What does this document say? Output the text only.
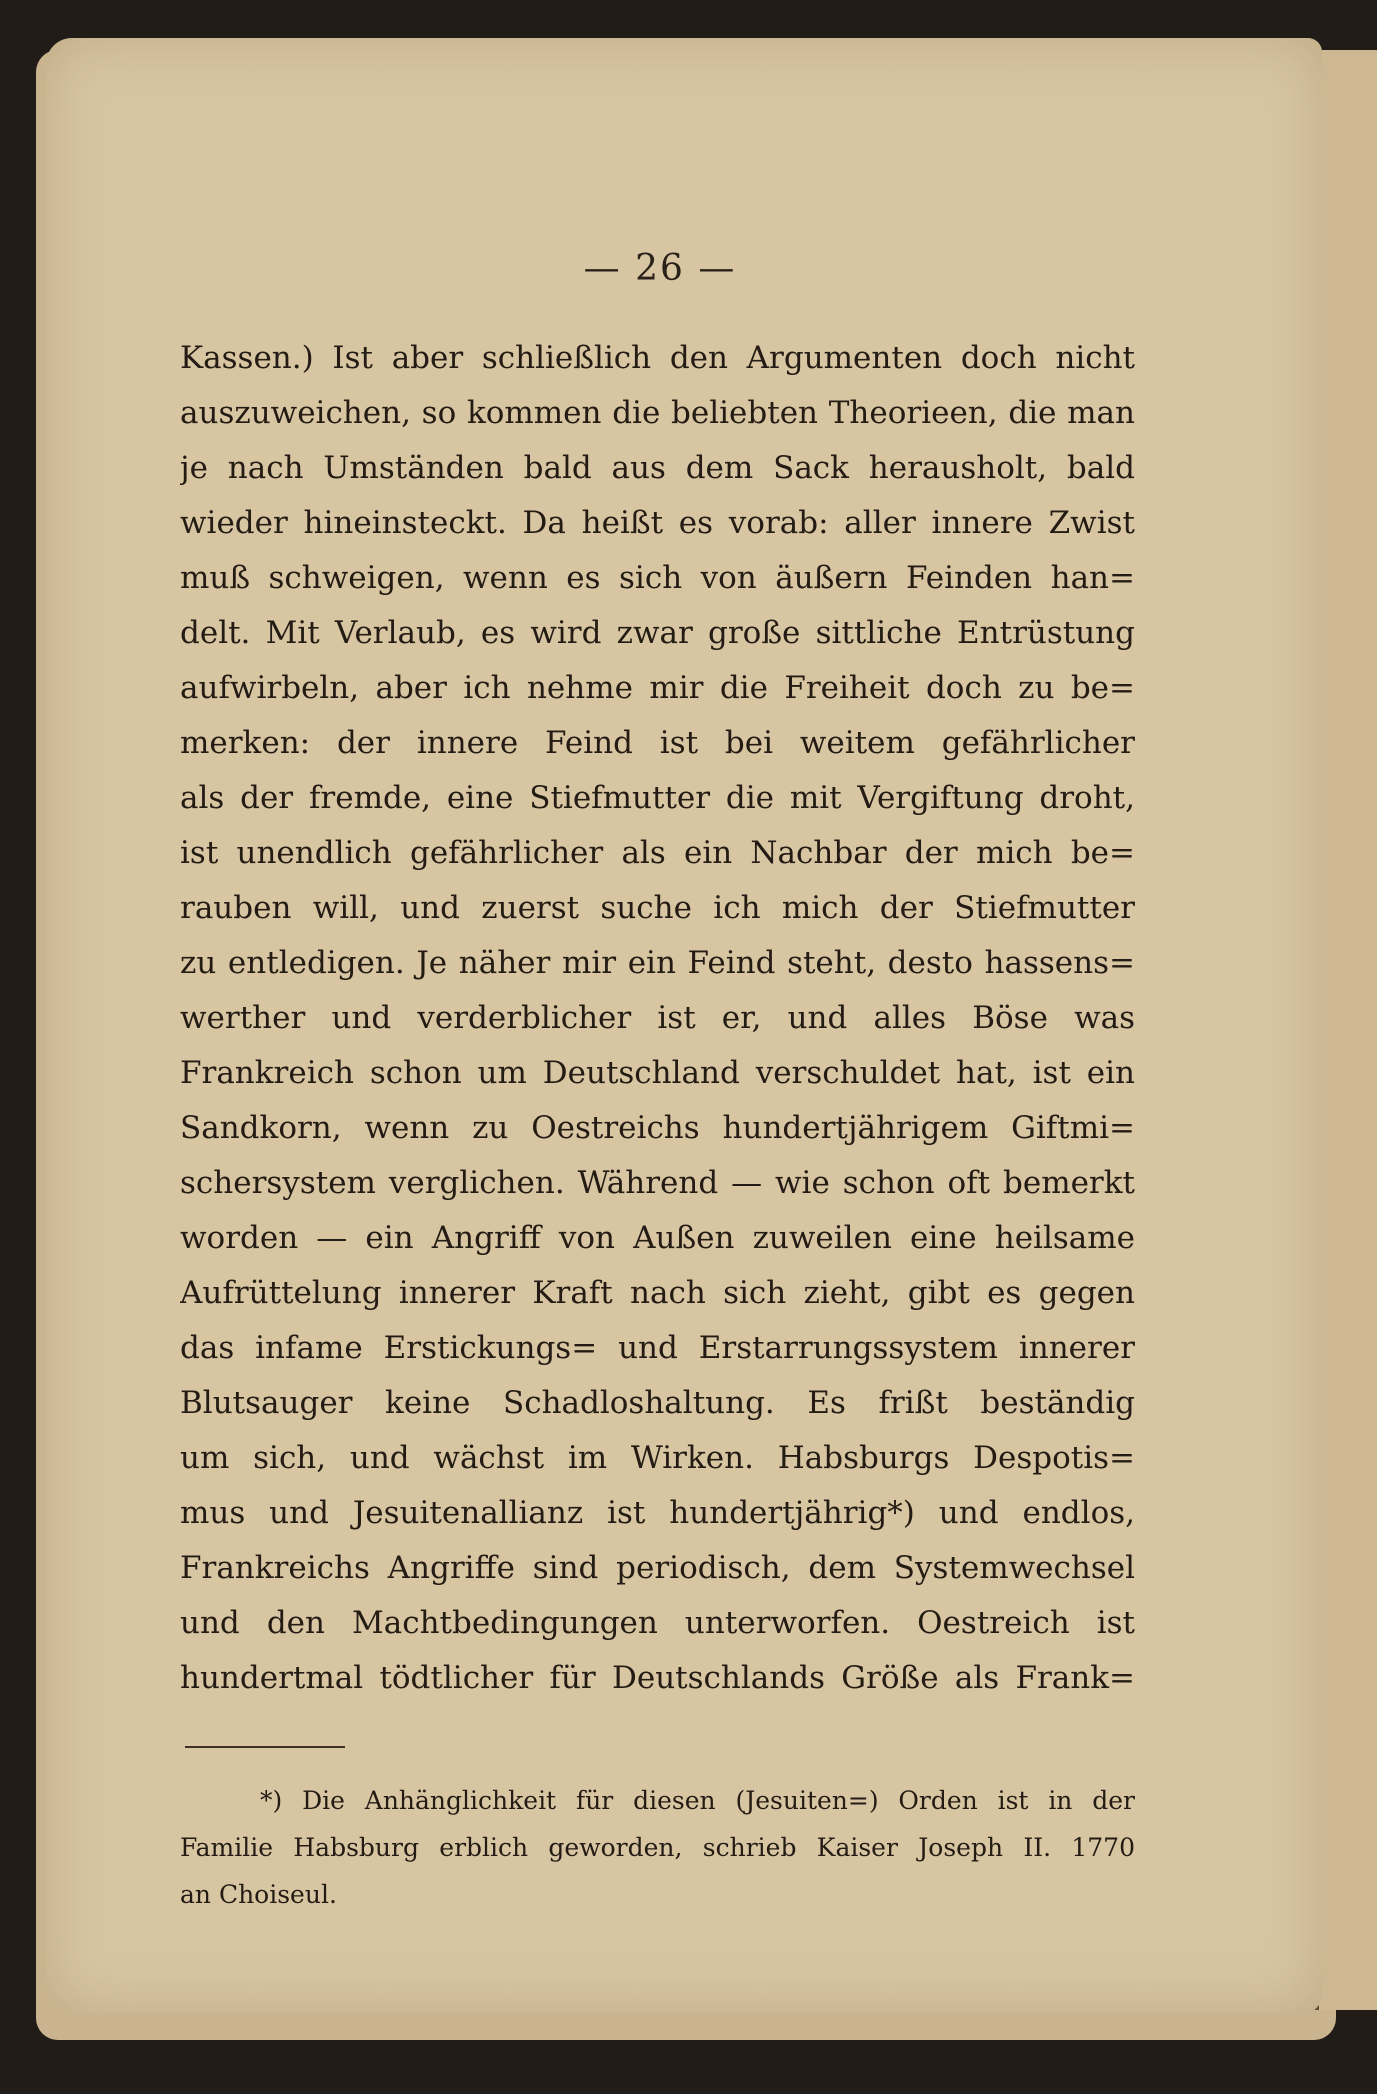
— 26 —
Kassen.) Ist aber schließlich den Argumenten doch nicht
auszuweichen, so kommen die beliebten Theorieen, die man
je nach Umständen bald aus dem Sack herausholt, bald
wieder hineinsteckt. Da heißt es vorab: aller innere Zwist
muß schweigen, wenn es sich von äußern Feinden han=
delt. Mit Verlaub, es wird zwar große sittliche Entrüstung
aufwirbeln, aber ich nehme mir die Freiheit doch zu be=
merken: der innere Feind ist bei weitem gefährlicher
als der fremde, eine Stiefmutter die mit Vergiftung droht,
ist unendlich gefährlicher als ein Nachbar der mich be=
rauben will, und zuerst suche ich mich der Stiefmutter
zu entledigen. Je näher mir ein Feind steht, desto hassens=
werther und verderblicher ist er, und alles Böse was
Frankreich schon um Deutschland verschuldet hat, ist ein
Sandkorn, wenn zu Oestreichs hundertjährigem Giftmi=
schersystem verglichen. Während — wie schon oft bemerkt
worden — ein Angriff von Außen zuweilen eine heilsame
Aufrüttelung innerer Kraft nach sich zieht, gibt es gegen
das infame Erstickungs= und Erstarrungssystem innerer
Blutsauger keine Schadloshaltung. Es frißt beständig
um sich, und wächst im Wirken. Habsburgs Despotis=
mus und Jesuitenallianz ist hundertjährig*) und endlos,
Frankreichs Angriffe sind periodisch, dem Systemwechsel
und den Machtbedingungen unterworfen. Oestreich ist
hundertmal tödtlicher für Deutschlands Größe als Frank=
*) Die Anhänglichkeit für diesen (Jesuiten=) Orden ist in der
Familie Habsburg erblich geworden, schrieb Kaiser Joseph II. 1770
an Choiseul.
